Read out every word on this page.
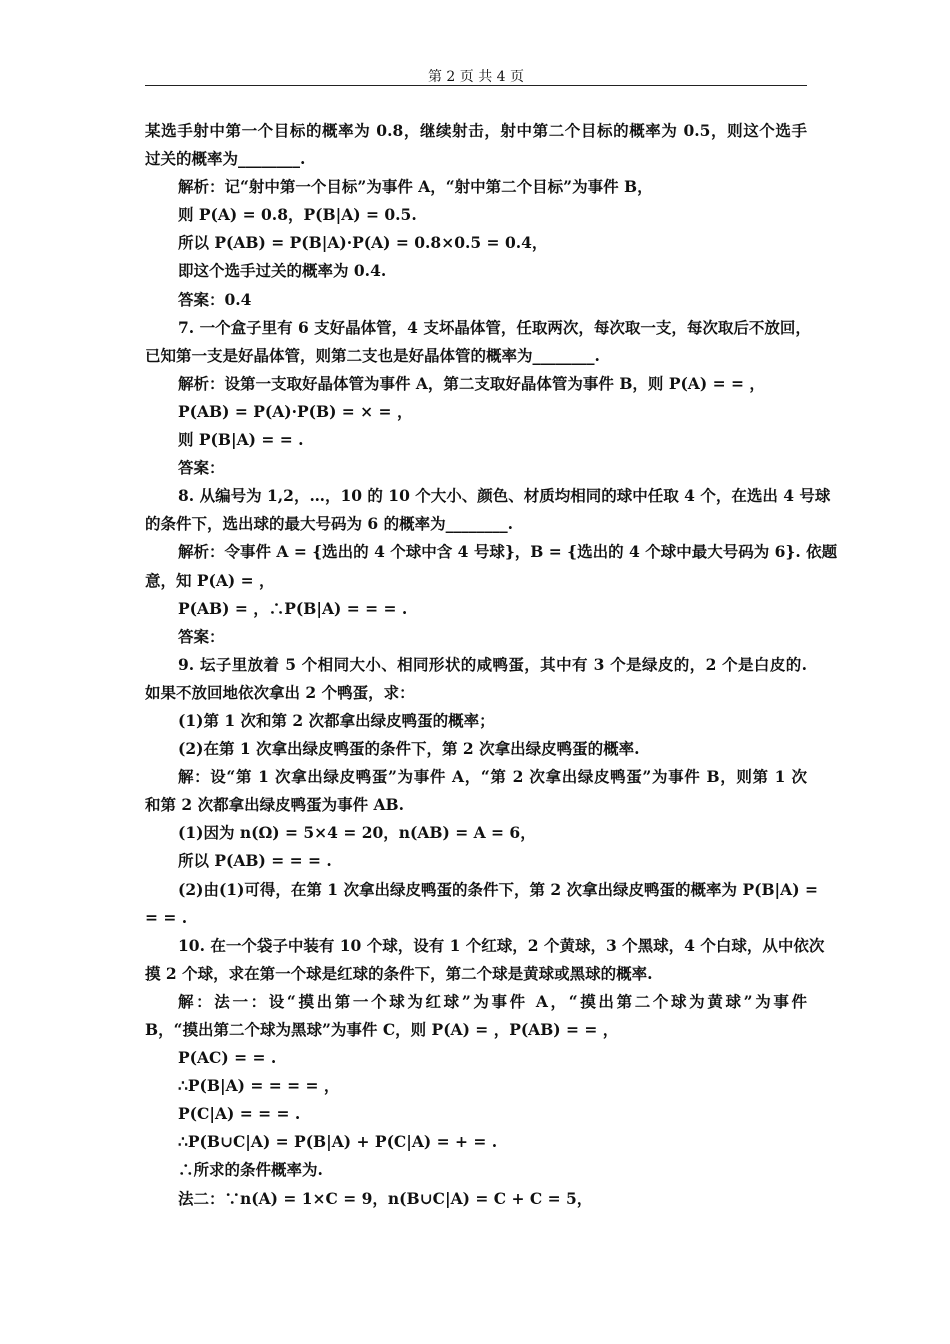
第 2 页 共 4 页
某选手射中第一个目标的概率为 0.8，继续射击，射中第二个目标的概率为 0.5，则这个选手
过关的概率为________.
解析：记“射中第一个目标”为事件 A，“射中第二个目标”为事件 B，
则 P(A) = 0.8，P(B|A) = 0.5.
所以 P(AB) = P(B|A)·P(A) = 0.8×0.5 = 0.4，
即这个选手过关的概率为 0.4.
答案：0.4
7. 一个盒子里有 6 支好晶体管，4 支坏晶体管，任取两次，每次取一支，每次取后不放回，
已知第一支是好晶体管，则第二支也是好晶体管的概率为________.
解析：设第一支取好晶体管为事件 A，第二支取好晶体管为事件 B，则 P(A) = = ，
P(AB) = P(A)·P(B) = × = ，
则 P(B|A) = = .
答案：
8. 从编号为 1,2，…，10 的 10 个大小、颜色、材质均相同的球中任取 4 个，在选出 4 号球
的条件下，选出球的最大号码为 6 的概率为________.
解析：令事件 A = {选出的 4 个球中含 4 号球}，B = {选出的 4 个球中最大号码为 6}. 依题
意，知 P(A) = ，
P(AB) = ，∴P(B|A) = = = .
答案：
9. 坛子里放着 5 个相同大小、相同形状的咸鸭蛋，其中有 3 个是绿皮的，2 个是白皮的.
如果不放回地依次拿出 2 个鸭蛋，求：
(1)第 1 次和第 2 次都拿出绿皮鸭蛋的概率；
(2)在第 1 次拿出绿皮鸭蛋的条件下，第 2 次拿出绿皮鸭蛋的概率.
解：设“第 1 次拿出绿皮鸭蛋”为事件 A，“第 2 次拿出绿皮鸭蛋”为事件 B，则第 1 次
和第 2 次都拿出绿皮鸭蛋为事件 AB.
(1)因为 n(Ω) = 5×4 = 20，n(AB) = A = 6，
所以 P(AB) = = = .
(2)由(1)可得，在第 1 次拿出绿皮鸭蛋的条件下，第 2 次拿出绿皮鸭蛋的概率为 P(B|A) =
= = .
10. 在一个袋子中装有 10 个球，设有 1 个红球，2 个黄球，3 个黑球，4 个白球，从中依次
摸 2 个球，求在第一个球是红球的条件下，第二个球是黄球或黑球的概率.
解：法一：设“摸出第一个球为红球”为事件 A，“摸出第二个球为黄球”为事件
B，“摸出第二个球为黑球”为事件 C，则 P(A) = ，P(AB) = = ，
P(AC) = = .
∴P(B|A) = = = = ，
P(C|A) = = = .
∴P(B∪C|A) = P(B|A) + P(C|A) = + = .
∴所求的条件概率为.
法二：∵n(A) = 1×C = 9，n(B∪C|A) = C + C = 5，
